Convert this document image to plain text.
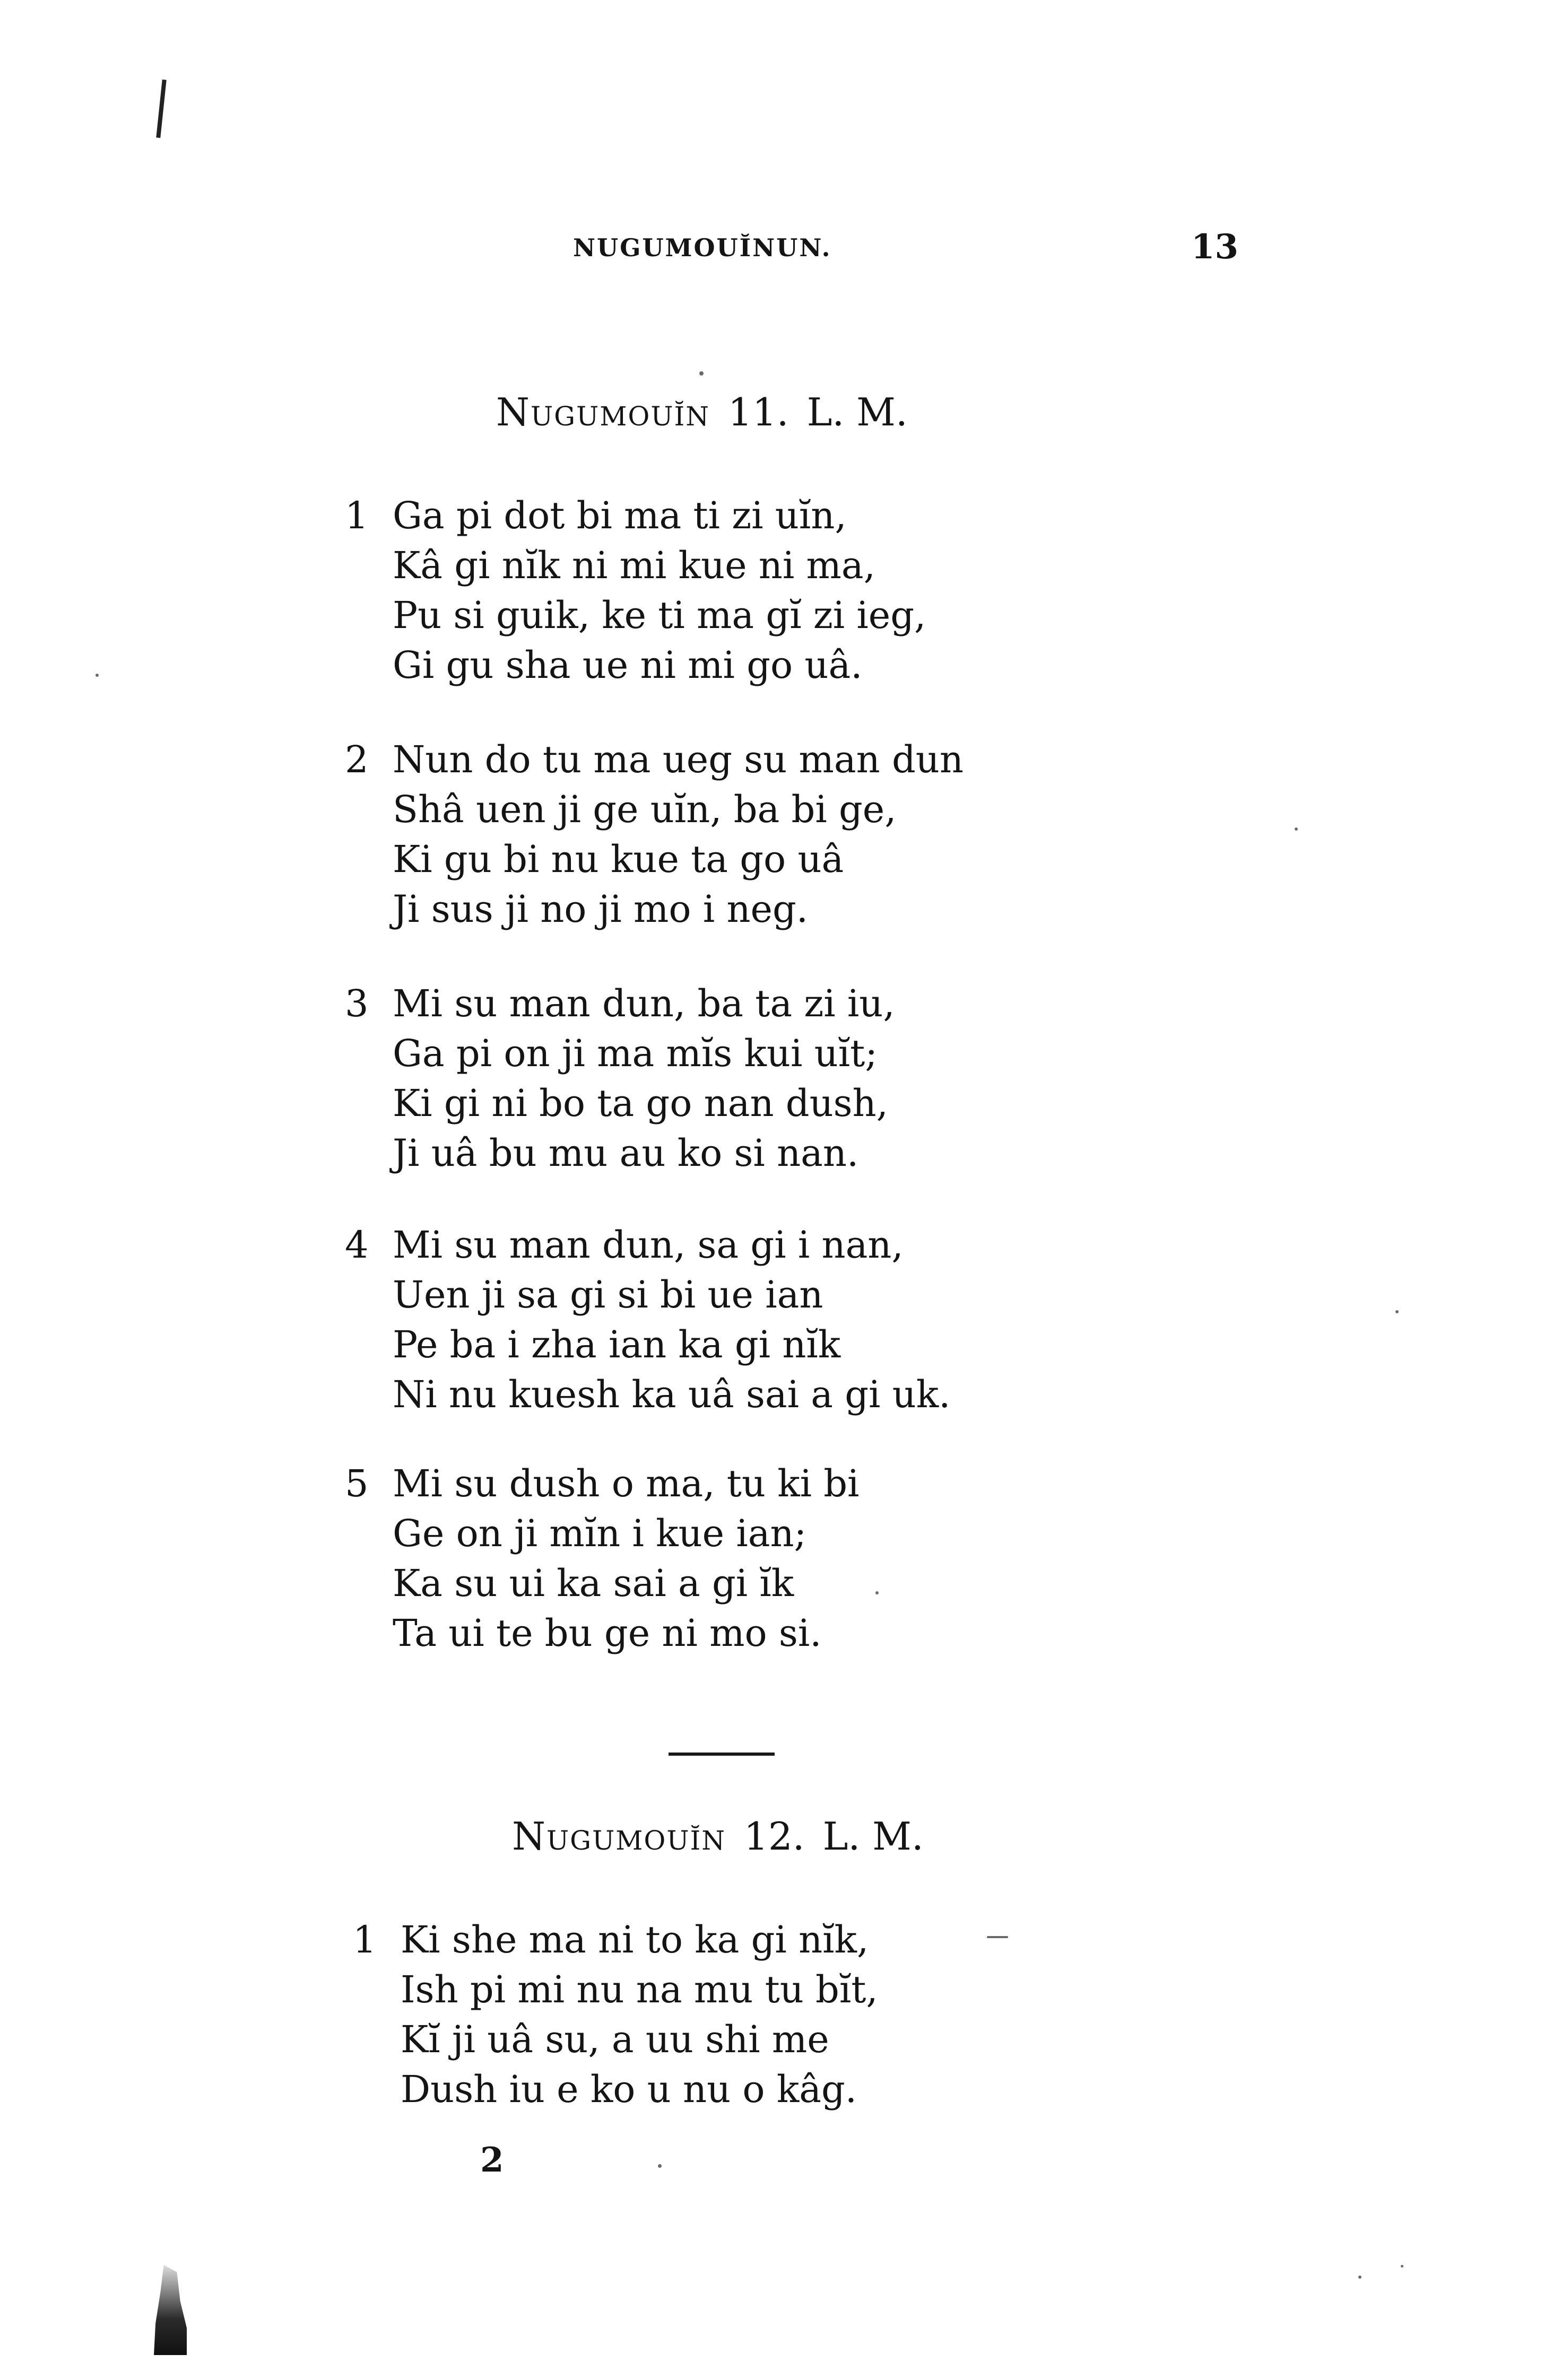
NUGUMOUĬNUN.	13
Nugumouĭn 11. L. M.
1 Ga pi dot bi ma ti zi uĭn,
Kâ gi nĭk ni mi kue ni ma,
Pu si guik, ke ti ma gĭ zi ieg,
Gi gu sha ue ni mi go uâ.
2 Nun do tu ma ueg su man dun
Shâ uen ji ge uĭn, ba bi ge,
Ki gu bi nu kue ta go uâ
Ji sus ji no ji mo i neg.
3 Mi su man dun, ba ta zi iu,
Ga pi on ji ma mĭs kui uĭt;
Ki gi ni bo ta go nan dush,
Ji uâ bu mu au ko si nan.
4 Mi su man dun, sa gi i nan,
Uen ji sa gi si bi ue ian
Pe ba i zha ian ka gi nĭk
Ni nu kuesh ka uâ sai a gi uk.
5 Mi su dush o ma, tu ki bi
Ge on ji mĭn i kue ian;
Ka su ui ka sai a gi ĭk
Ta ui te bu ge ni mo si.
Nugumouĭn 12. L. M.
1 Ki she ma ni to ka gi nĭk,
Ish pi mi nu na mu tu bĭt,
Kĭ ji uâ su, a uu shi me
Dush iu e ko u nu o kâg.
2
